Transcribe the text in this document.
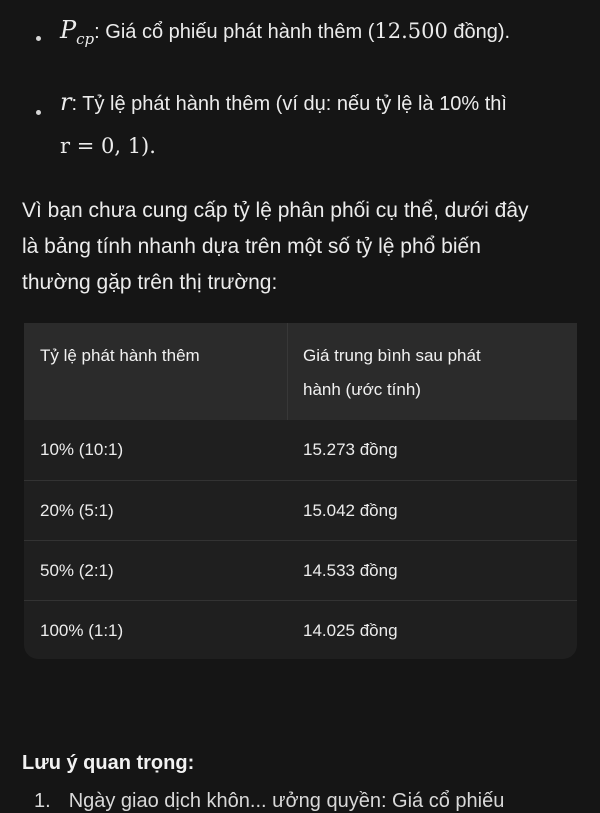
$P_{cp}$: Giá cổ phiếu phát hành thêm (12.500 đồng).
r: Tỷ lệ phát hành thêm (ví dụ: nếu tỷ lệ là 10% thì
r = 0, 1).
Vì bạn chưa cung cấp tỷ lệ phân phối cụ thể, dưới đây
là bảng tính nhanh dựa trên một số tỷ lệ phổ biến
thường gặp trên thị trường:
Tỷ lệ phát hành thêm	Giá trung bình sau phát
hành (ước tính)
10% (10:1)	15.273 đồng
20% (5:1)	15.042 đồng
50% (2:1)	14.533 đồng
100% (1:1)	14.025 đồng
Lưu ý quan trọng:
1. Ngày giao dịch khôn... ưởng quyền: Giá cổ phiếu
